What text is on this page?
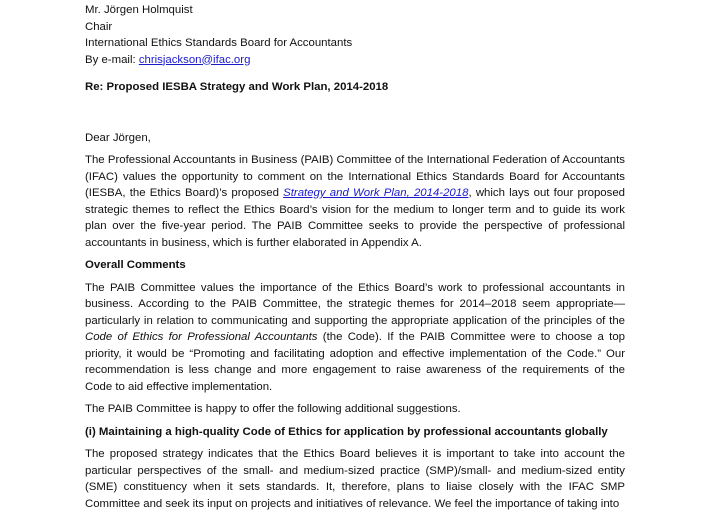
Mr. Jörgen Holmquist
Chair
International Ethics Standards Board for Accountants
By e-mail: chrisjackson@ifac.org
Re: Proposed IESBA Strategy and Work Plan, 2014-2018
Dear Jörgen,

The Professional Accountants in Business (PAIB) Committee of the International Federation of Accountants (IFAC) values the opportunity to comment on the International Ethics Standards Board for Accountants (IESBA, the Ethics Board)’s proposed Strategy and Work Plan, 2014-2018, which lays out four proposed strategic themes to reflect the Ethics Board’s vision for the medium to longer term and to guide its work plan over the five-year period. The PAIB Committee seeks to provide the perspective of professional accountants in business, which is further elaborated in Appendix A.

Overall Comments

The PAIB Committee values the importance of the Ethics Board’s work to professional accountants in business. According to the PAIB Committee, the strategic themes for 2014–2018 seem appropriate—particularly in relation to communicating and supporting the appropriate application of the principles of the Code of Ethics for Professional Accountants (the Code). If the PAIB Committee were to choose a top priority, it would be “Promoting and facilitating adoption and effective implementation of the Code.” Our recommendation is less change and more engagement to raise awareness of the requirements of the Code to aid effective implementation.

The PAIB Committee is happy to offer the following additional suggestions.

(i) Maintaining a high-quality Code of Ethics for application by professional accountants globally

The proposed strategy indicates that the Ethics Board believes it is important to take into account the particular perspectives of the small- and medium-sized practice (SMP)/small- and medium-sized entity (SME) constituency when it sets standards. It, therefore, plans to liaise closely with the IFAC SMP Committee and seek its input on projects and initiatives of relevance. We feel the importance of taking into
